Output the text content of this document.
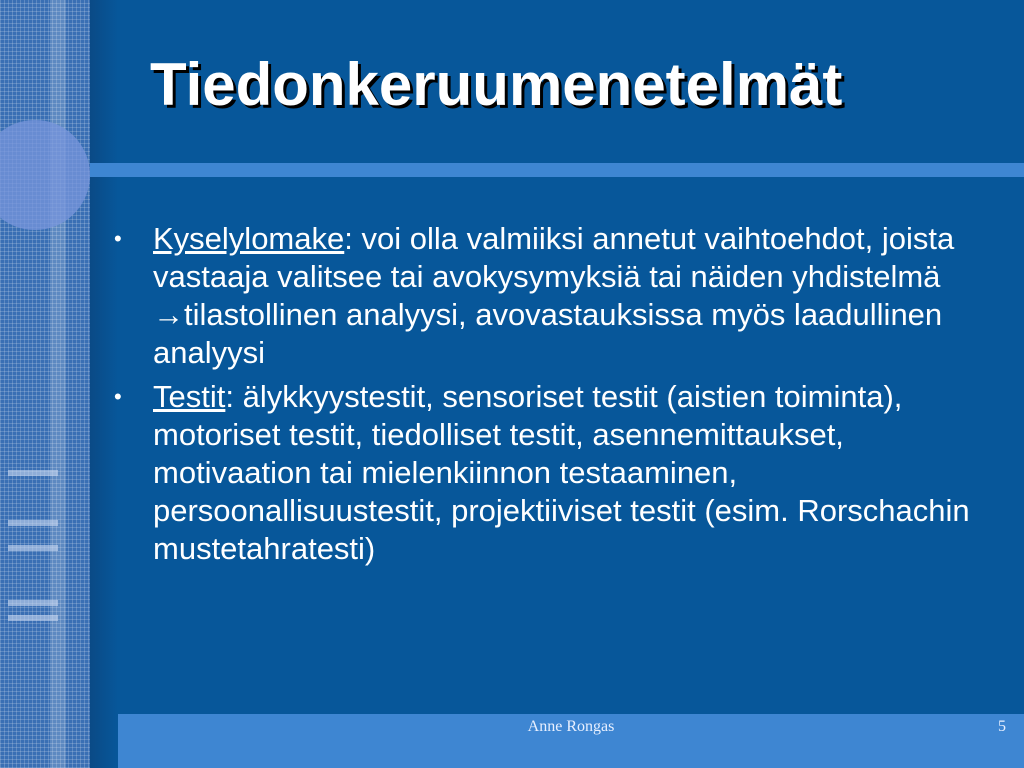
Tiedonkeruumenetelmät
• Kyselylomake: voi olla valmiiksi annetut vaihtoehdot, joista vastaaja valitsee tai avokysymyksiä tai näiden yhdistelmä →tilastollinen analyysi, avovastauksissa myös laadullinen analyysi
• Testit: älykkyystestit, sensoriset testit (aistien toiminta), motoriset testit, tiedolliset testit, asennemittaukset, motivaation tai mielenkiinnon testaaminen, persoonallisuustestit, projektiiviset testit (esim. Rorschachin mustetahratesti)
Anne Rongas	5
